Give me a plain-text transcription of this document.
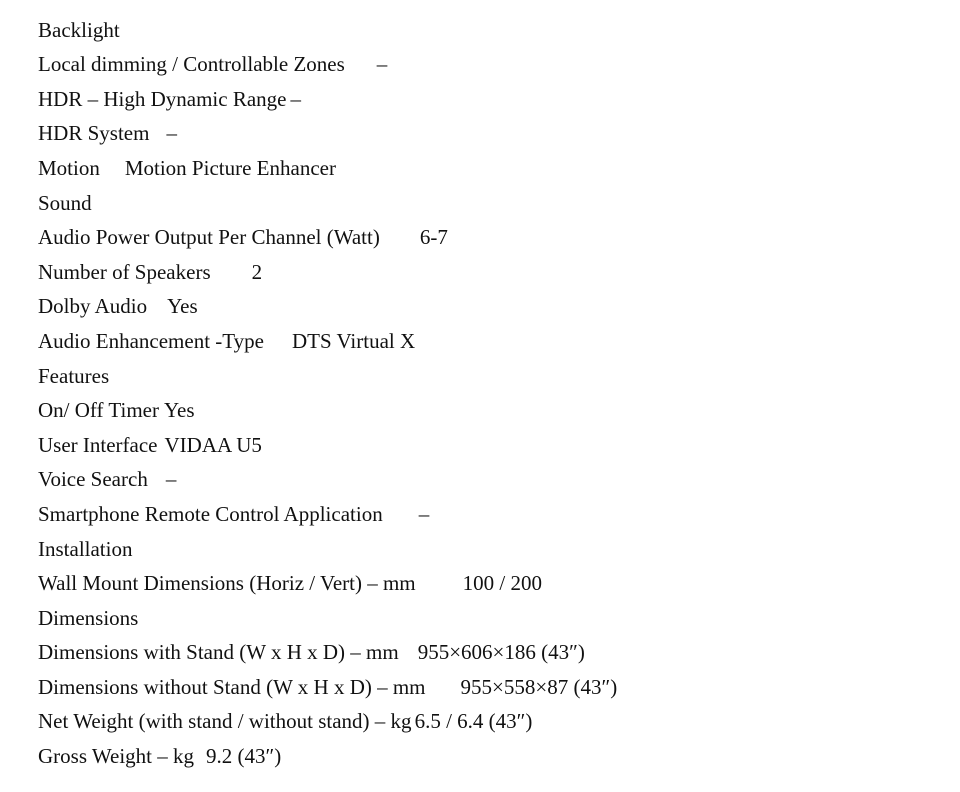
Backlight

Local dimming / Controllable Zones –

HDR – High Dynamic Range –

HDR System –

Motion Motion Picture Enhancer

Sound

Audio Power Output Per Channel (Watt) 6-7

Number of Speakers 2

Dolby Audio Yes

Audio Enhancement -Type DTS Virtual X

Features

On/ Off Timer Yes

User Interface VIDAA U5

Voice Search –

Smartphone Remote Control Application –

Installation

Wall Mount Dimensions (Horiz / Vert) – mm 100 / 200

Dimensions

Dimensions with Stand (W x H x D) – mm 955×606×186 (43″)

Dimensions without Stand (W x H x D) – mm 955×558×87 (43″)

Net Weight (with stand / without stand) – kg 6.5 / 6.4 (43″)

Gross Weight – kg 9.2 (43″)
